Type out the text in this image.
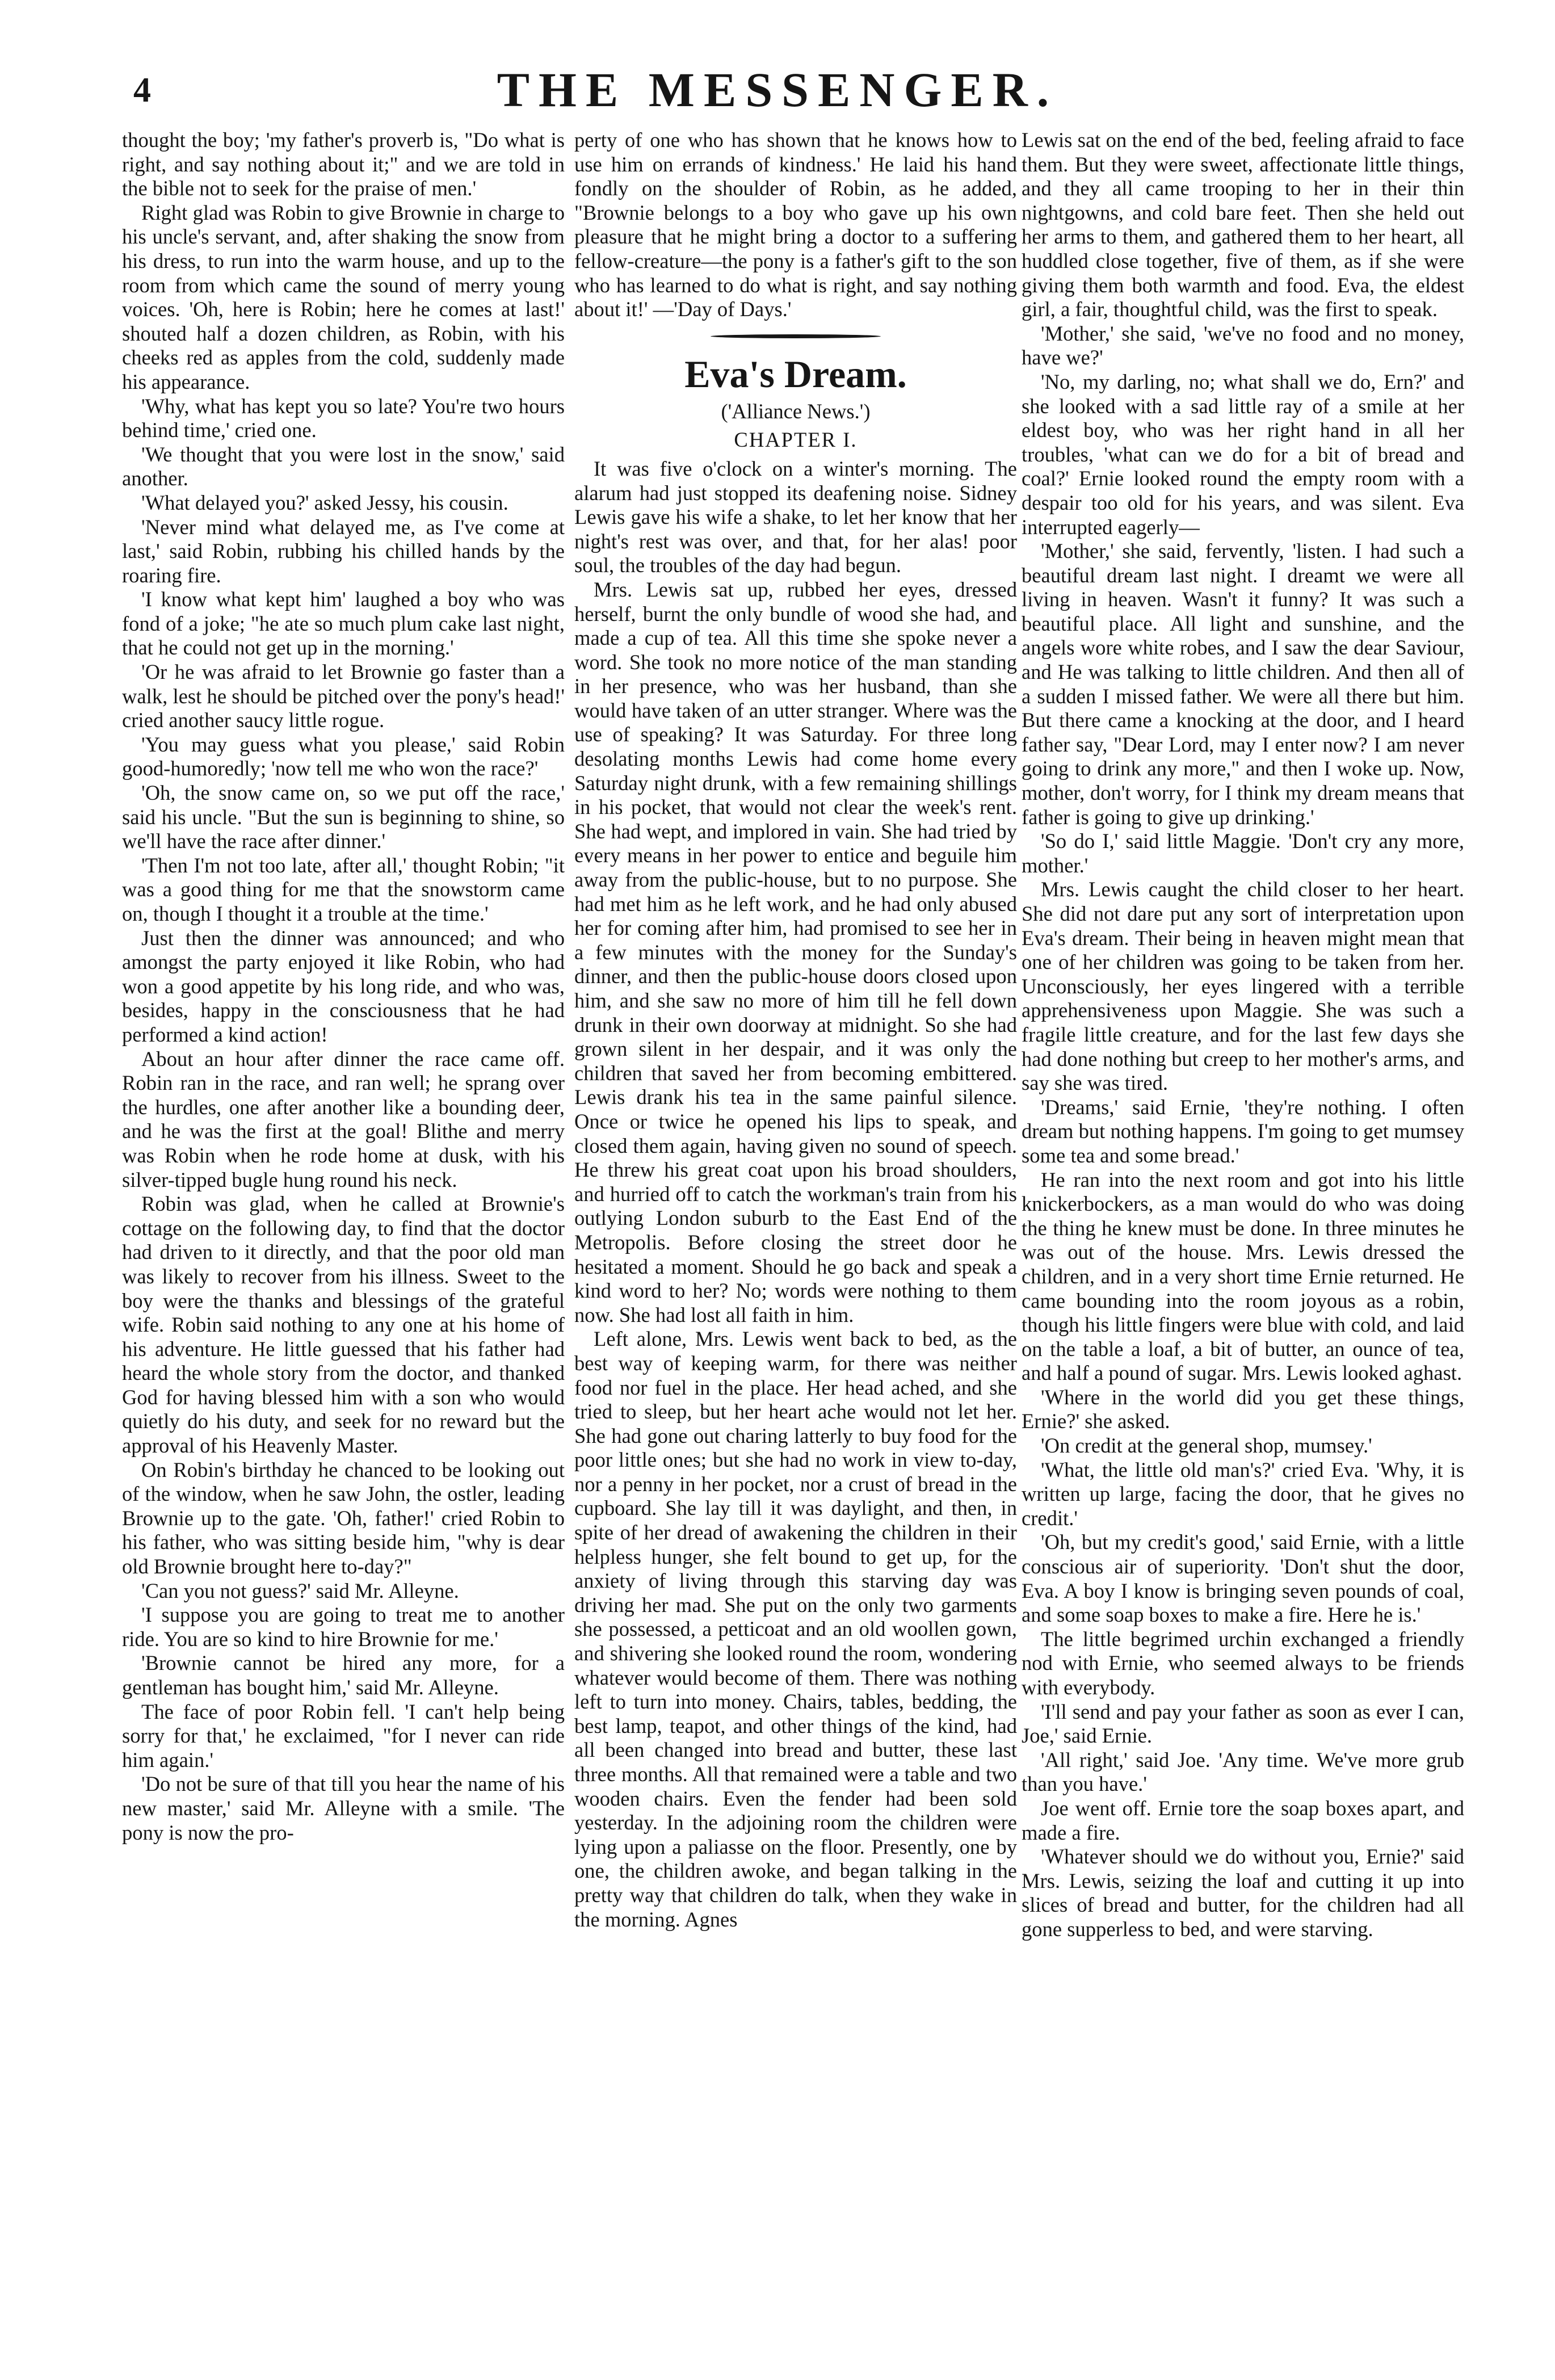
4	THE MESSENGER.

thought the boy; 'my father's proverb is, "Do what is right, and say nothing about it;" and we are told in the bible not to seek for the praise of men.'

Right glad was Robin to give Brownie in charge to his uncle's servant, and, after shaking the snow from his dress, to run into the warm house, and up to the room from which came the sound of merry young voices. 'Oh, here is Robin; here he comes at last!' shouted half a dozen children, as Robin, with his cheeks red as apples from the cold, suddenly made his appearance.

'Why, what has kept you so late? You're two hours behind time,' cried one.

'We thought that you were lost in the snow,' said another.

'What delayed you?' asked Jessy, his cousin.

'Never mind what delayed me, as I've come at last,' said Robin, rubbing his chilled hands by the roaring fire.

'I know what kept him' laughed a boy who was fond of a joke; "he ate so much plum cake last night, that he could not get up in the morning.'

'Or he was afraid to let Brownie go faster than a walk, lest he should be pitched over the pony's head!' cried another saucy little rogue.

'You may guess what you please,' said Robin good-humoredly; 'now tell me who won the race?'

'Oh, the snow came on, so we put off the race,' said his uncle. "But the sun is beginning to shine, so we'll have the race after dinner.'

'Then I'm not too late, after all,' thought Robin; "it was a good thing for me that the snowstorm came on, though I thought it a trouble at the time.'

Just then the dinner was announced; and who amongst the party enjoyed it like Robin, who had won a good appetite by his long ride, and who was, besides, happy in the consciousness that he had performed a kind action!

About an hour after dinner the race came off. Robin ran in the race, and ran well; he sprang over the hurdles, one after another like a bounding deer, and he was the first at the goal! Blithe and merry was Robin when he rode home at dusk, with his silver-tipped bugle hung round his neck.

Robin was glad, when he called at Brownie's cottage on the following day, to find that the doctor had driven to it directly, and that the poor old man was likely to recover from his illness. Sweet to the boy were the thanks and blessings of the grateful wife. Robin said nothing to any one at his home of his adventure. He little guessed that his father had heard the whole story from the doctor, and thanked God for having blessed him with a son who would quietly do his duty, and seek for no reward but the approval of his Heavenly Master.

On Robin's birthday he chanced to be looking out of the window, when he saw John, the ostler, leading Brownie up to the gate. 'Oh, father!' cried Robin to his father, who was sitting beside him, "why is dear old Brownie brought here to-day?"

'Can you not guess?' said Mr. Alleyne.

'I suppose you are going to treat me to another ride. You are so kind to hire Brownie for me.'

'Brownie cannot be hired any more, for a gentleman has bought him,' said Mr. Alleyne.

The face of poor Robin fell. 'I can't help being sorry for that,' he exclaimed, "for I never can ride him again.'

'Do not be sure of that till you hear the name of his new master,' said Mr. Alleyne with a smile. 'The pony is now the pro-

perty of one who has shown that he knows how to use him on errands of kindness.' He laid his hand fondly on the shoulder of Robin, as he added, "Brownie belongs to a boy who gave up his own pleasure that he might bring a doctor to a suffering fellow-creature—the pony is a father's gift to the son who has learned to do what is right, and say nothing about it!' —'Day of Days.'

Eva's Dream.
('Alliance News.')
CHAPTER I.

It was five o'clock on a winter's morning. The alarum had just stopped its deafening noise. Sidney Lewis gave his wife a shake, to let her know that her night's rest was over, and that, for her alas! poor soul, the troubles of the day had begun.

Mrs. Lewis sat up, rubbed her eyes, dressed herself, burnt the only bundle of wood she had, and made a cup of tea. All this time she spoke never a word. She took no more notice of the man standing in her presence, who was her husband, than she would have taken of an utter stranger. Where was the use of speaking? It was Saturday. For three long desolating months Lewis had come home every Saturday night drunk, with a few remaining shillings in his pocket, that would not clear the week's rent. She had wept, and implored in vain. She had tried by every means in her power to entice and beguile him away from the public-house, but to no purpose. She had met him as he left work, and he had only abused her for coming after him, had promised to see her in a few minutes with the money for the Sunday's dinner, and then the public-house doors closed upon him, and she saw no more of him till he fell down drunk in their own doorway at midnight. So she had grown silent in her despair, and it was only the children that saved her from becoming embittered. Lewis drank his tea in the same painful silence. Once or twice he opened his lips to speak, and closed them again, having given no sound of speech. He threw his great coat upon his broad shoulders, and hurried off to catch the workman's train from his outlying London suburb to the East End of the Metropolis. Before closing the street door he hesitated a moment. Should he go back and speak a kind word to her? No; words were nothing to them now. She had lost all faith in him.

Left alone, Mrs. Lewis went back to bed, as the best way of keeping warm, for there was neither food nor fuel in the place. Her head ached, and she tried to sleep, but her heart ache would not let her. She had gone out charing latterly to buy food for the poor little ones; but she had no work in view to-day, nor a penny in her pocket, nor a crust of bread in the cupboard. She lay till it was daylight, and then, in spite of her dread of awakening the children in their helpless hunger, she felt bound to get up, for the anxiety of living through this starving day was driving her mad. She put on the only two garments she possessed, a petticoat and an old woollen gown, and shivering she looked round the room, wondering whatever would become of them. There was nothing left to turn into money. Chairs, tables, bedding, the best lamp, teapot, and other things of the kind, had all been changed into bread and butter, these last three months. All that remained were a table and two wooden chairs. Even the fender had been sold yesterday. In the adjoining room the children were lying upon a paliasse on the floor. Presently, one by one, the children awoke, and began talking in the pretty way that children do talk, when they wake in the morning. Agnes

Lewis sat on the end of the bed, feeling afraid to face them. But they were sweet, affectionate little things, and they all came trooping to her in their thin nightgowns, and cold bare feet. Then she held out her arms to them, and gathered them to her heart, all huddled close together, five of them, as if she were giving them both warmth and food. Eva, the eldest girl, a fair, thoughtful child, was the first to speak.

'Mother,' she said, 'we've no food and no money, have we?'

'No, my darling, no; what shall we do, Ern?' and she looked with a sad little ray of a smile at her eldest boy, who was her right hand in all her troubles, 'what can we do for a bit of bread and coal?' Ernie looked round the empty room with a despair too old for his years, and was silent. Eva interrupted eagerly—

'Mother,' she said, fervently, 'listen. I had such a beautiful dream last night. I dreamt we were all living in heaven. Wasn't it funny? It was such a beautiful place. All light and sunshine, and the angels wore white robes, and I saw the dear Saviour, and He was talking to little children. And then all of a sudden I missed father. We were all there but him. But there came a knocking at the door, and I heard father say, "Dear Lord, may I enter now? I am never going to drink any more," and then I woke up. Now, mother, don't worry, for I think my dream means that father is going to give up drinking.'

'So do I,' said little Maggie. 'Don't cry any more, mother.'

Mrs. Lewis caught the child closer to her heart. She did not dare put any sort of interpretation upon Eva's dream. Their being in heaven might mean that one of her children was going to be taken from her. Unconsciously, her eyes lingered with a terrible apprehensiveness upon Maggie. She was such a fragile little creature, and for the last few days she had done nothing but creep to her mother's arms, and say she was tired.

'Dreams,' said Ernie, 'they're nothing. I often dream but nothing happens. I'm going to get mumsey some tea and some bread.'

He ran into the next room and got into his little knickerbockers, as a man would do who was doing the thing he knew must be done. In three minutes he was out of the house. Mrs. Lewis dressed the children, and in a very short time Ernie returned. He came bounding into the room joyous as a robin, though his little fingers were blue with cold, and laid on the table a loaf, a bit of butter, an ounce of tea, and half a pound of sugar. Mrs. Lewis looked aghast.

'Where in the world did you get these things, Ernie?' she asked.

'On credit at the general shop, mumsey.'

'What, the little old man's?' cried Eva. 'Why, it is written up large, facing the door, that he gives no credit.'

'Oh, but my credit's good,' said Ernie, with a little conscious air of superiority. 'Don't shut the door, Eva. A boy I know is bringing seven pounds of coal, and some soap boxes to make a fire. Here he is.'

The little begrimed urchin exchanged a friendly nod with Ernie, who seemed always to be friends with everybody.

'I'll send and pay your father as soon as ever I can, Joe,' said Ernie.

'All right,' said Joe. 'Any time. We've more grub than you have.'

Joe went off. Ernie tore the soap boxes apart, and made a fire.

'Whatever should we do without you, Ernie?' said Mrs. Lewis, seizing the loaf and cutting it up into slices of bread and butter, for the children had all gone supperless to bed, and were starving.
